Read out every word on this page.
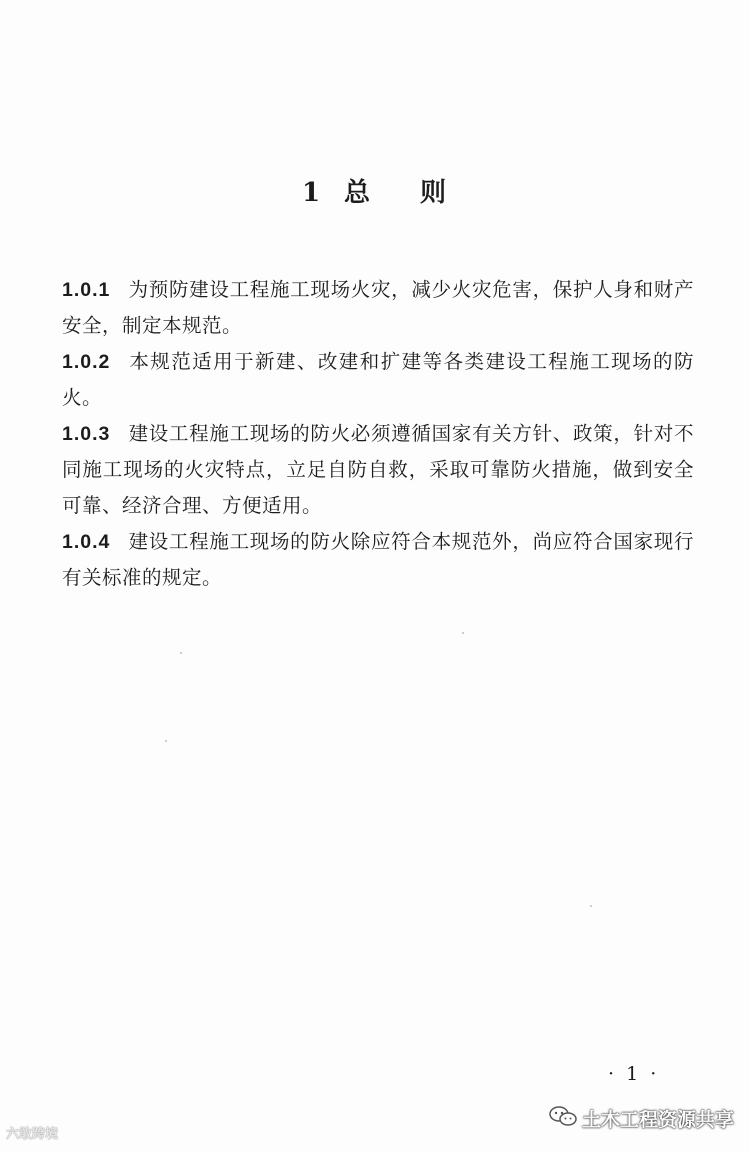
1 总 则

1.0.1 为预防建设工程施工现场火灾，减少火灾危害，保护人身和财产安全，制定本规范。

1.0.2 本规范适用于新建、改建和扩建等各类建设工程施工现场的防火。

1.0.3 建设工程施工现场的防火必须遵循国家有关方针、政策，针对不同施工现场的火灾特点，立足自防自救，采取可靠防火措施，做到安全可靠、经济合理、方便适用。

1.0.4 建设工程施工现场的防火除应符合本规范外，尚应符合国家现行有关标准的规定。

· 1 ·
六敢跨境
土木工程资源共享
